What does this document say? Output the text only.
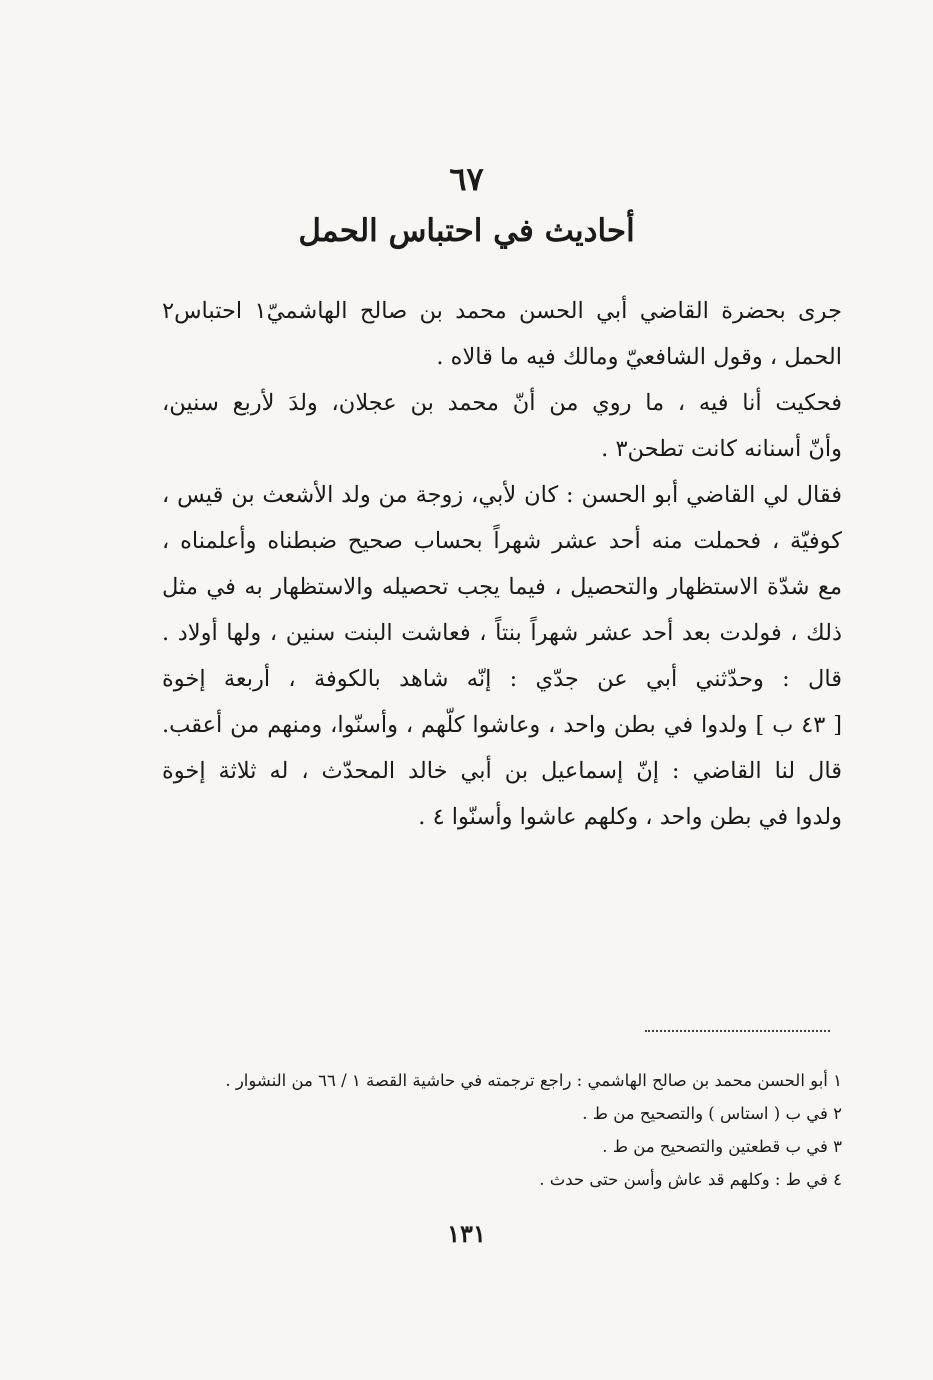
٦٧
أحاديث في احتباس الحمل
جرى بحضرة القاضي أبي الحسن محمد بن صالح الهاشميّ١ احتباس٢
الحمل ، وقول الشافعيّ ومالك فيه ما قالاه .
فحكيت أنا فيه ، ما روي من أنّ محمد بن عجلان، ولدَ لأربع سنين،
وأنّ أسنانه كانت تطحن٣ .
فقال لي القاضي أبو الحسن : كان لأبي، زوجة من ولد الأشعث بن قيس ،
كوفيّة ، فحملت منه أحد عشر شهراً بحساب صحيح ضبطناه وأعلمناه ،
مع شدّة الاستظهار والتحصيل ، فيما يجب تحصيله والاستظهار به في مثل
ذلك ، فولدت بعد أحد عشر شهراً بنتاً ، فعاشت البنت سنين ، ولها أولاد .
قال : وحدّثني أبي عن جدّي : إنّه شاهد بالكوفة ، أربعة إخوة
[ ٤٣ ب ] ولدوا في بطن واحد ، وعاشوا كلّهم ، وأسنّوا، ومنهم من أعقب.
قال لنا القاضي : إنّ إسماعيل بن أبي خالد المحدّث ، له ثلاثة إخوة
ولدوا في بطن واحد ، وكلهم عاشوا وأسنّوا ٤ .
١ أبو الحسن محمد بن صالح الهاشمي : راجع ترجمته في حاشية القصة ١ / ٦٦ من النشوار .
٢ في ب ( استاس ) والتصحيح من ط .
٣ في ب قطعتين والتصحيح من ط .
٤ في ط : وكلهم قد عاش وأسن حتى حدث .
١٣١
